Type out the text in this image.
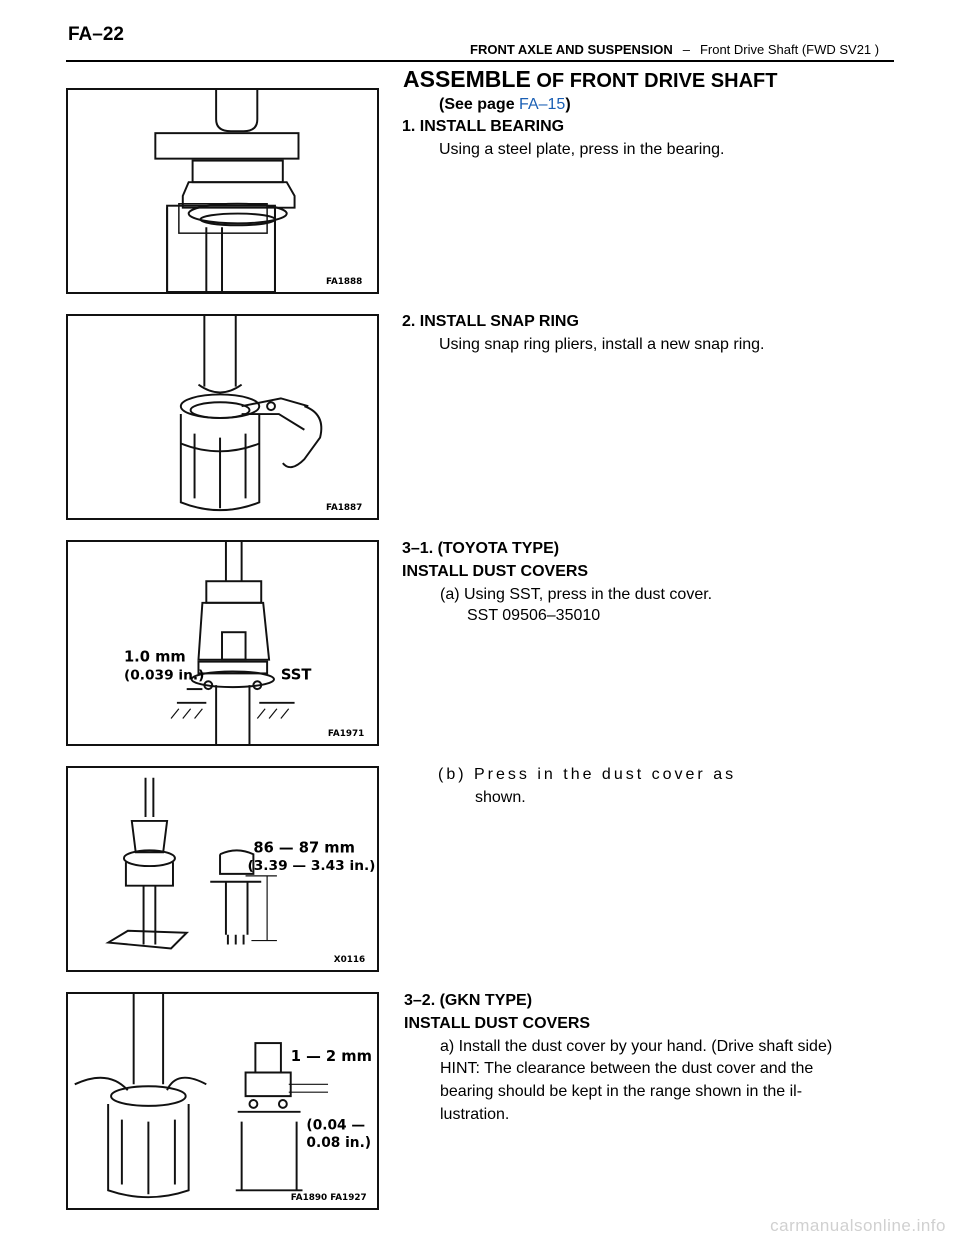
FA–22
FRONT AXLE AND SUSPENSION – Front Drive Shaft (FWD SV21 )
FA1888
FA1887
1.0 mm
(0.039 in.)	SST
FA1971
86 — 87 mm
(3.39 — 3.43 in.)
X0116
1 — 2 mm
(0.04 —
0.08 in.)
FA1890 FA1927
ASSEMBLE OF FRONT DRIVE SHAFT
(See page FA–15)
1. INSTALL BEARING
Using a steel plate, press in the bearing.
2. INSTALL SNAP RING
Using snap ring pliers, install a new snap ring.
3–1. (TOYOTA TYPE)
INSTALL DUST COVERS
(a) Using SST, press in the dust cover.
SST 09506–35010
(b) Press in the dust cover as
shown.
3–2. (GKN TYPE)
INSTALL DUST COVERS
a) Install the dust cover by your hand. (Drive shaft side)
HINT: The clearance between the dust cover and the
bearing should be kept in the range shown in the il-
lustration.
carmanualsonline.info
